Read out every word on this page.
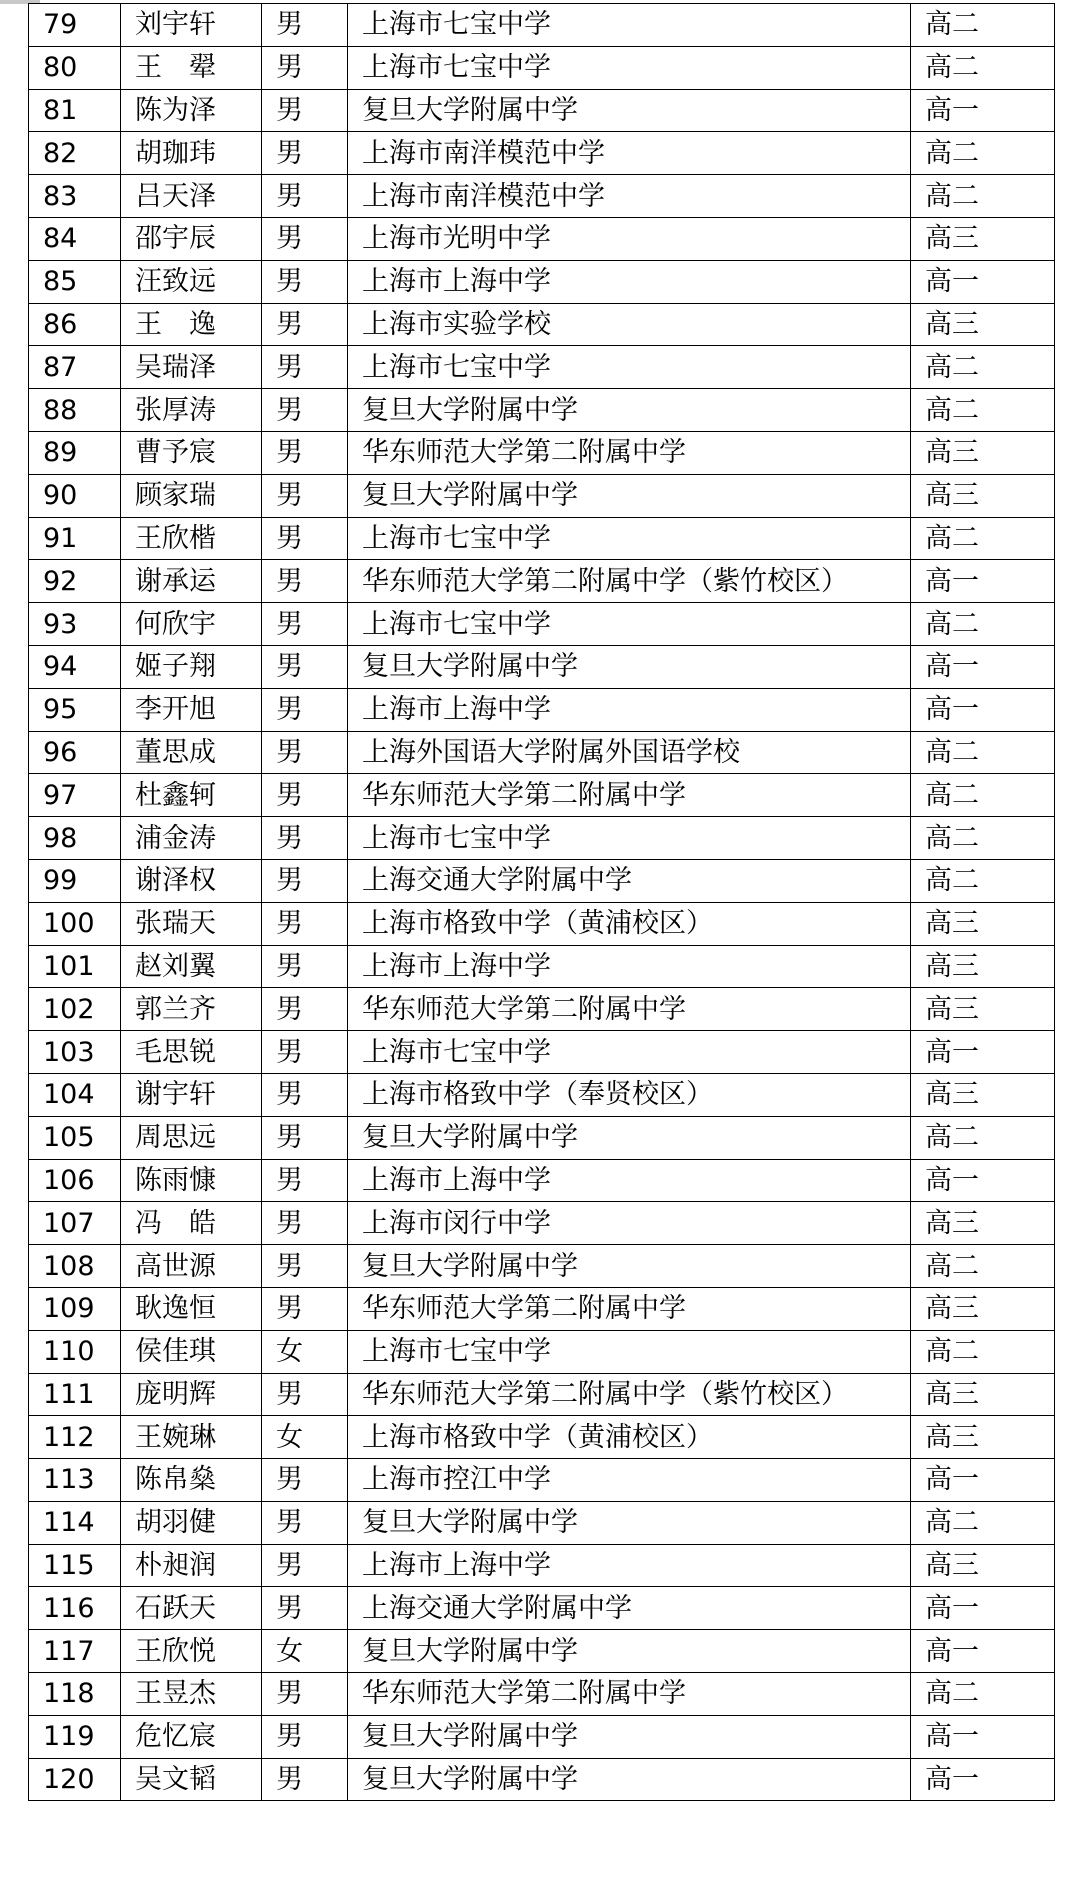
79	刘宇轩	男	上海市七宝中学	高二
80	王　翚	男	上海市七宝中学	高二
81	陈为泽	男	复旦大学附属中学	高一
82	胡珈玮	男	上海市南洋模范中学	高二
83	吕天泽	男	上海市南洋模范中学	高二
84	邵宇辰	男	上海市光明中学	高三
85	汪致远	男	上海市上海中学	高一
86	王　逸	男	上海市实验学校	高三
87	吴瑞泽	男	上海市七宝中学	高二
88	张厚涛	男	复旦大学附属中学	高二
89	曹予宸	男	华东师范大学第二附属中学	高三
90	顾家瑞	男	复旦大学附属中学	高三
91	王欣楷	男	上海市七宝中学	高二
92	谢承运	男	华东师范大学第二附属中学（紫竹校区）	高一
93	何欣宇	男	上海市七宝中学	高二
94	姬子翔	男	复旦大学附属中学	高一
95	李开旭	男	上海市上海中学	高一
96	董思成	男	上海外国语大学附属外国语学校	高二
97	杜鑫轲	男	华东师范大学第二附属中学	高二
98	浦金涛	男	上海市七宝中学	高二
99	谢泽权	男	上海交通大学附属中学	高二
100	张瑞天	男	上海市格致中学（黄浦校区）	高三
101	赵刘翼	男	上海市上海中学	高三
102	郭兰齐	男	华东师范大学第二附属中学	高三
103	毛思锐	男	上海市七宝中学	高一
104	谢宇轩	男	上海市格致中学（奉贤校区）	高三
105	周思远	男	复旦大学附属中学	高二
106	陈雨慷	男	上海市上海中学	高一
107	冯　皓	男	上海市闵行中学	高三
108	高世源	男	复旦大学附属中学	高二
109	耿逸恒	男	华东师范大学第二附属中学	高三
110	侯佳琪	女	上海市七宝中学	高二
111	庞明辉	男	华东师范大学第二附属中学（紫竹校区）	高三
112	王婉琳	女	上海市格致中学（黄浦校区）	高三
113	陈帛燊	男	上海市控江中学	高一
114	胡羽健	男	复旦大学附属中学	高二
115	朴昶润	男	上海市上海中学	高三
116	石跃天	男	上海交通大学附属中学	高一
117	王欣悦	女	复旦大学附属中学	高一
118	王昱杰	男	华东师范大学第二附属中学	高二
119	危忆宸	男	复旦大学附属中学	高一
120	吴文韬	男	复旦大学附属中学	高一
